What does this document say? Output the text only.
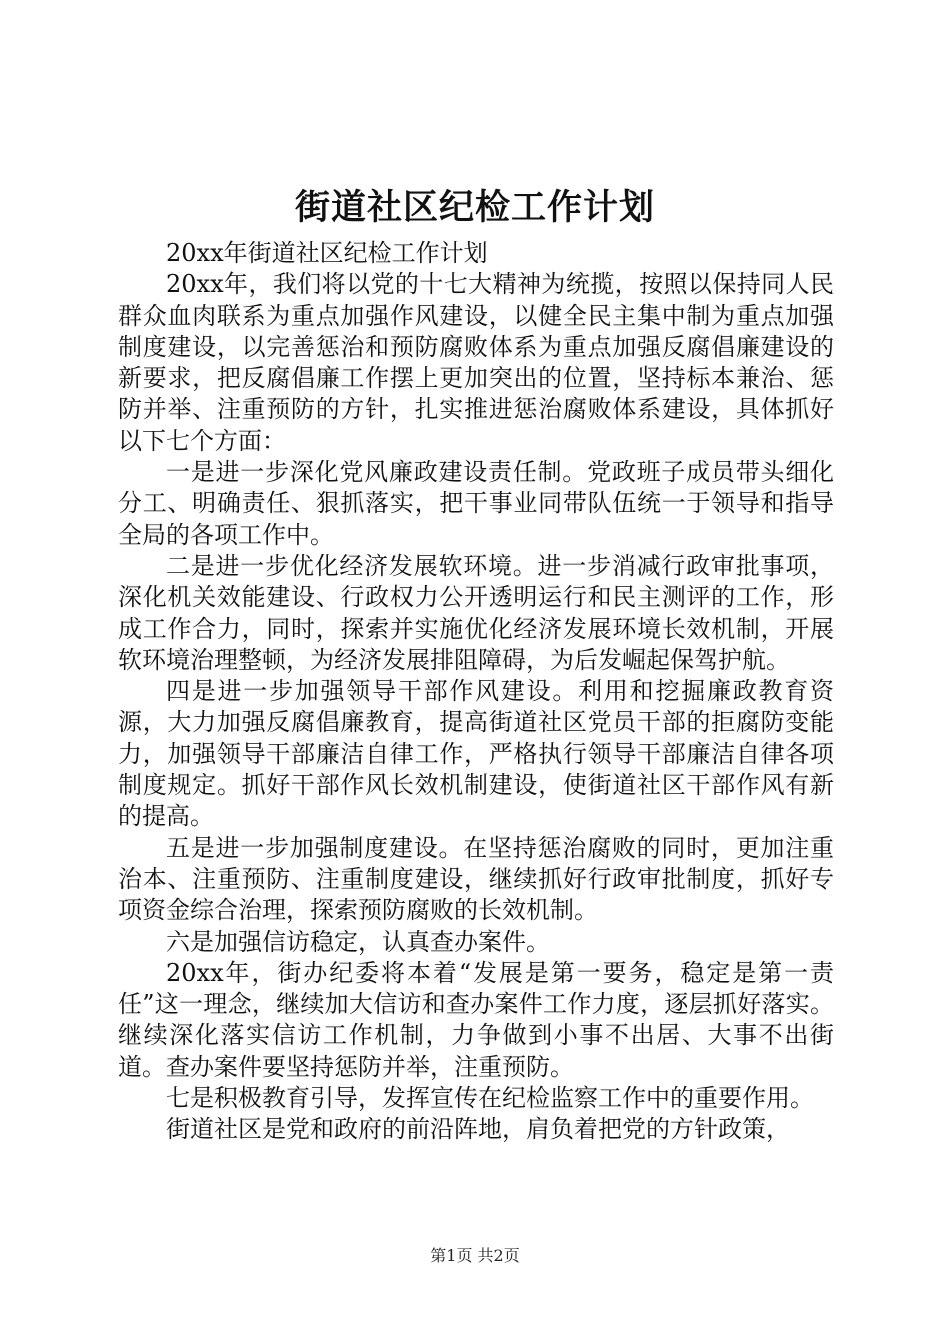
街道社区纪检工作计划

20xx年街道社区纪检工作计划

20xx年，我们将以党的十七大精神为统揽，按照以保持同人民群众血肉联系为重点加强作风建设，以健全民主集中制为重点加强制度建设，以完善惩治和预防腐败体系为重点加强反腐倡廉建设的新要求，把反腐倡廉工作摆上更加突出的位置，坚持标本兼治、惩防并举、注重预防的方针，扎实推进惩治腐败体系建设，具体抓好以下七个方面：

一是进一步深化党风廉政建设责任制。党政班子成员带头细化分工、明确责任、狠抓落实，把干事业同带队伍统一于领导和指导全局的各项工作中。

二是进一步优化经济发展软环境。进一步消减行政审批事项，深化机关效能建设、行政权力公开透明运行和民主测评的工作，形成工作合力，同时，探索并实施优化经济发展环境长效机制，开展软环境治理整顿，为经济发展排阻障碍，为后发崛起保驾护航。

四是进一步加强领导干部作风建设。利用和挖掘廉政教育资源，大力加强反腐倡廉教育，提高街道社区党员干部的拒腐防变能力，加强领导干部廉洁自律工作，严格执行领导干部廉洁自律各项制度规定。抓好干部作风长效机制建设，使街道社区干部作风有新的提高。

五是进一步加强制度建设。在坚持惩治腐败的同时，更加注重治本、注重预防、注重制度建设，继续抓好行政审批制度，抓好专项资金综合治理，探索预防腐败的长效机制。

六是加强信访稳定，认真查办案件。

20xx年，街办纪委将本着“发展是第一要务，稳定是第一责任”这一理念，继续加大信访和查办案件工作力度，逐层抓好落实。继续深化落实信访工作机制，力争做到小事不出居、大事不出街道。查办案件要坚持惩防并举，注重预防。

七是积极教育引导，发挥宣传在纪检监察工作中的重要作用。

街道社区是党和政府的前沿阵地，肩负着把党的方针政策，

第1页 共2页
